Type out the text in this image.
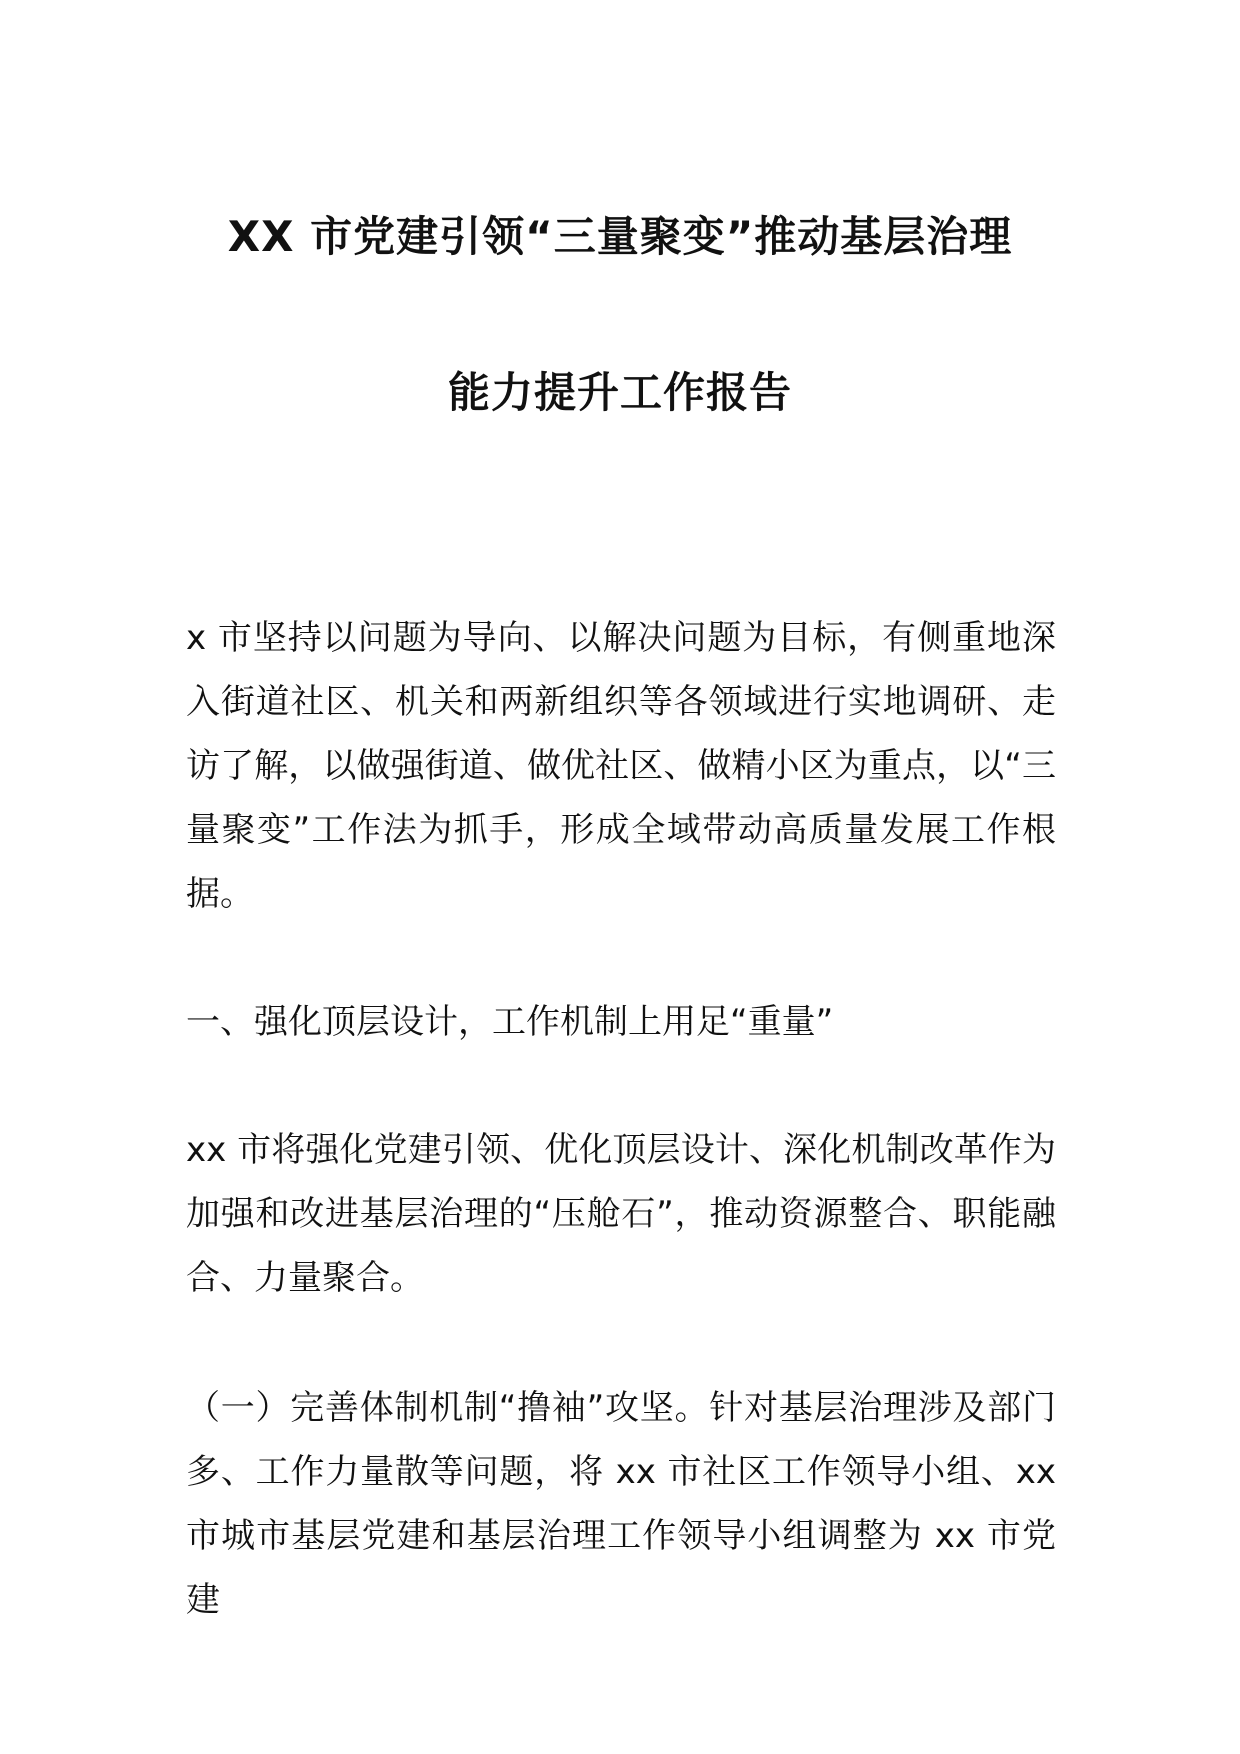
XX 市党建引领“三量聚变”推动基层治理
能力提升工作报告

x 市坚持以问题为导向、以解决问题为目标，有侧重地深入街道社区、机关和两新组织等各领域进行实地调研、走访了解，以做强街道、做优社区、做精小区为重点，以“三量聚变”工作法为抓手，形成全域带动高质量发展工作根据。

一、强化顶层设计，工作机制上用足“重量”

xx 市将强化党建引领、优化顶层设计、深化机制改革作为加强和改进基层治理的“压舱石”，推动资源整合、职能融合、力量聚合。

（一）完善体制机制“撸袖”攻坚。针对基层治理涉及部门多、工作力量散等问题，将 xx 市社区工作领导小组、xx 市城市基层党建和基层治理工作领导小组调整为 xx 市党建
